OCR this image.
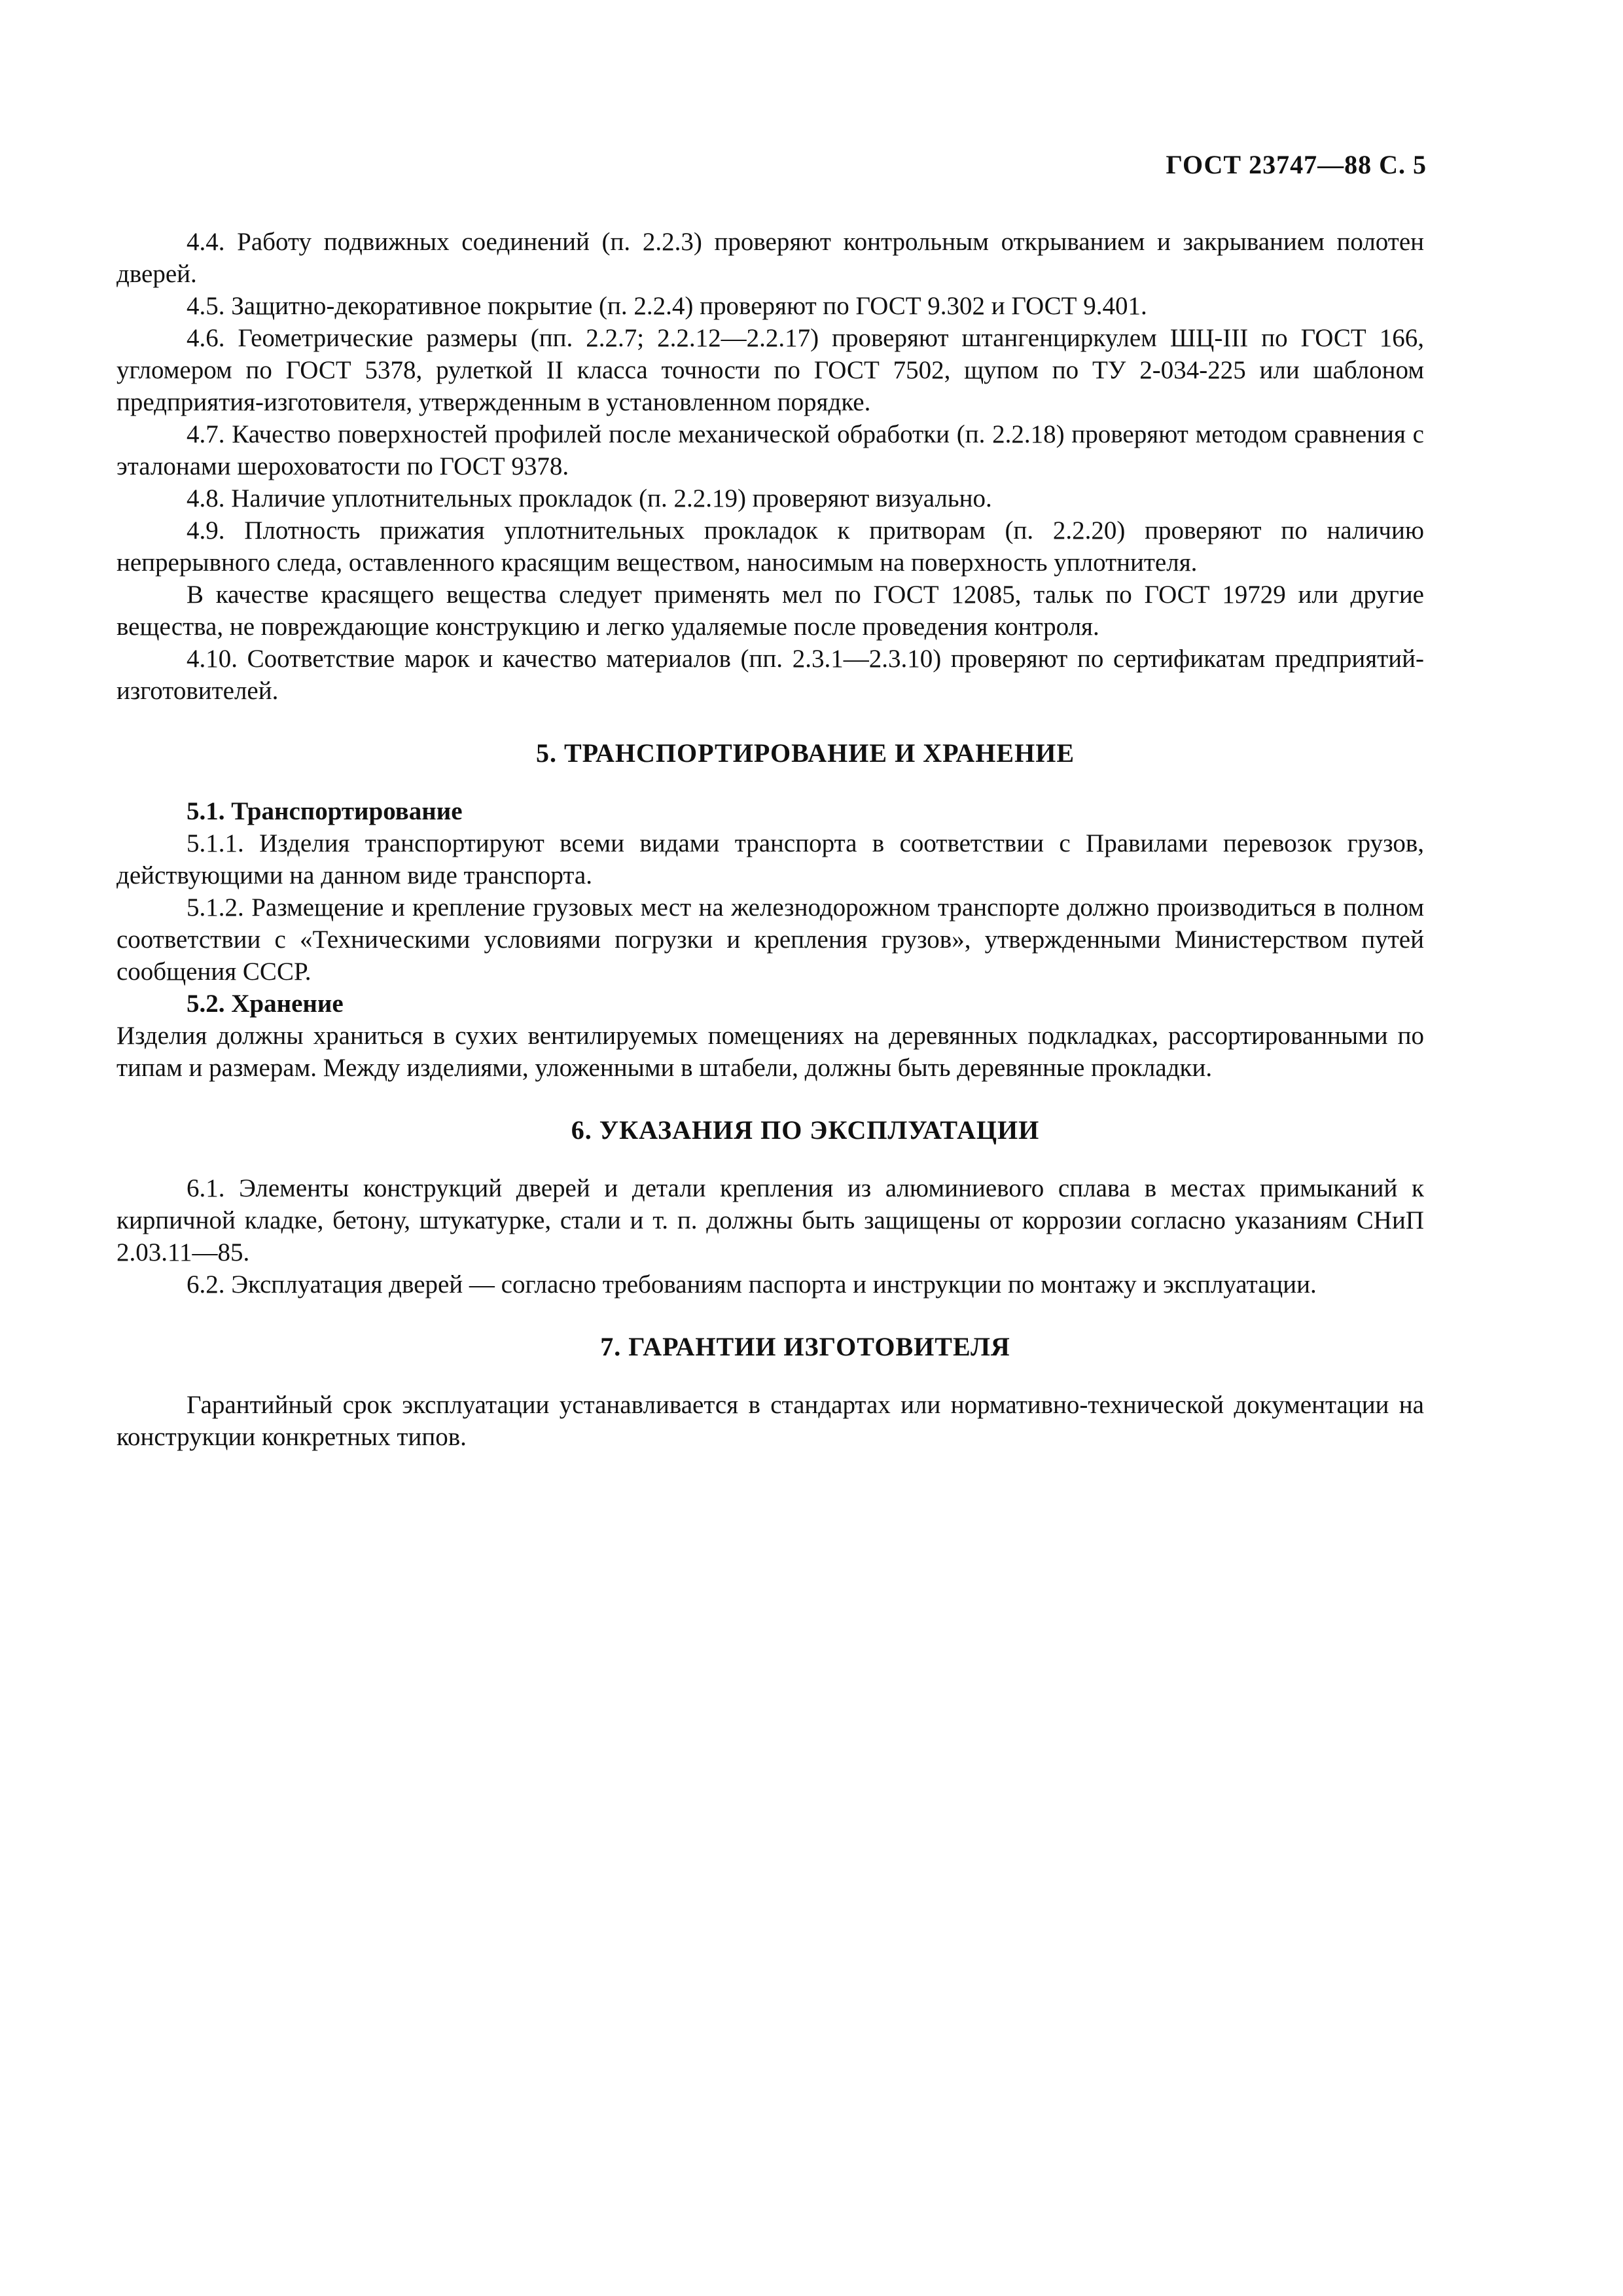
ГОСТ 23747—88 С. 5

4.4. Работу подвижных соединений (п. 2.2.3) проверяют контрольным открыванием и закрыванием полотен дверей.

4.5. Защитно-декоративное покрытие (п. 2.2.4) проверяют по ГОСТ 9.302 и ГОСТ 9.401.

4.6. Геометрические размеры (пп. 2.2.7; 2.2.12—2.2.17) проверяют штангенциркулем ШЦ-III по ГОСТ 166, угломером по ГОСТ 5378, рулеткой II класса точности по ГОСТ 7502, щупом по ТУ 2-034-225 или шаблоном предприятия-изготовителя, утвержденным в установленном порядке.

4.7. Качество поверхностей профилей после механической обработки (п. 2.2.18) проверяют методом сравнения с эталонами шероховатости по ГОСТ 9378.

4.8. Наличие уплотнительных прокладок (п. 2.2.19) проверяют визуально.

4.9. Плотность прижатия уплотнительных прокладок к притворам (п. 2.2.20) проверяют по наличию непрерывного следа, оставленного красящим веществом, наносимым на поверхность уплотнителя.

В качестве красящего вещества следует применять мел по ГОСТ 12085, тальк по ГОСТ 19729 или другие вещества, не повреждающие конструкцию и легко удаляемые после проведения контроля.

4.10. Соответствие марок и качество материалов (пп. 2.3.1—2.3.10) проверяют по сертификатам предприятий-изготовителей.

5. ТРАНСПОРТИРОВАНИЕ И ХРАНЕНИЕ

5.1. Транспортирование

5.1.1. Изделия транспортируют всеми видами транспорта в соответствии с Правилами перевозок грузов, действующими на данном виде транспорта.

5.1.2. Размещение и крепление грузовых мест на железнодорожном транспорте должно производиться в полном соответствии с «Техническими условиями погрузки и крепления грузов», утвержденными Министерством путей сообщения СССР.

5.2. Хранение

Изделия должны храниться в сухих вентилируемых помещениях на деревянных подкладках, рассортированными по типам и размерам. Между изделиями, уложенными в штабели, должны быть деревянные прокладки.

6. УКАЗАНИЯ ПО ЭКСПЛУАТАЦИИ

6.1. Элементы конструкций дверей и детали крепления из алюминиевого сплава в местах примыканий к кирпичной кладке, бетону, штукатурке, стали и т. п. должны быть защищены от коррозии согласно указаниям СНиП 2.03.11—85.

6.2. Эксплуатация дверей — согласно требованиям паспорта и инструкции по монтажу и эксплуатации.

7. ГАРАНТИИ ИЗГОТОВИТЕЛЯ

Гарантийный срок эксплуатации устанавливается в стандартах или нормативно-технической документации на конструкции конкретных типов.
